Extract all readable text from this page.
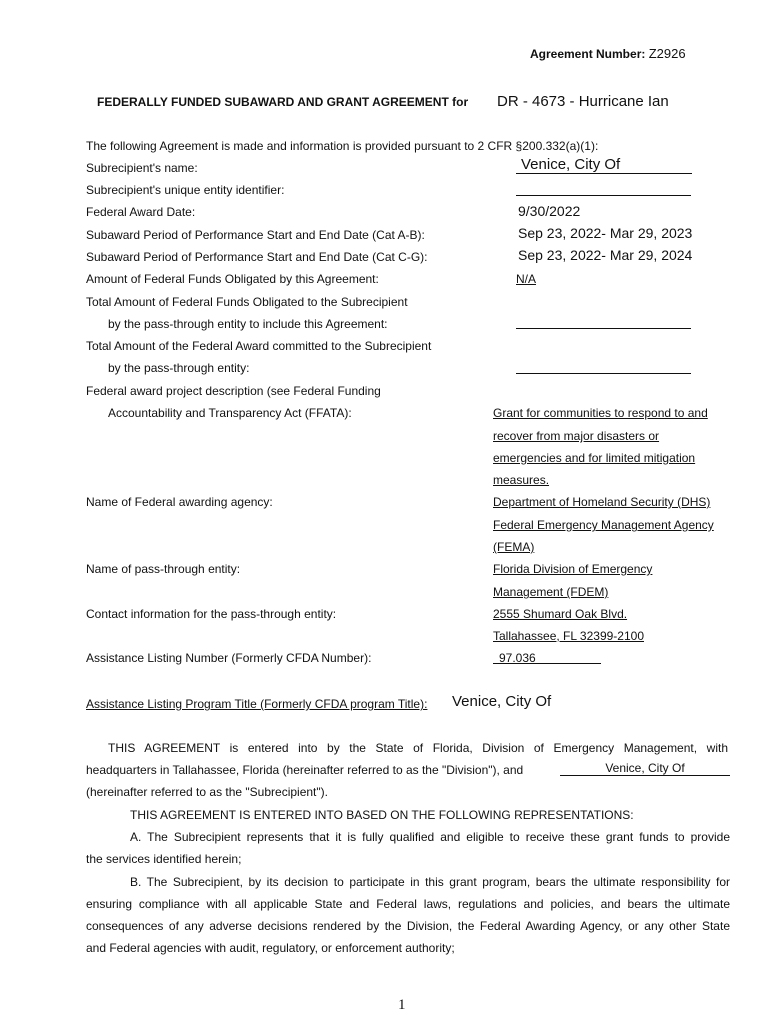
Agreement Number: Z2926
FEDERALLY FUNDED SUBAWARD AND GRANT AGREEMENT for DR - 4673 - Hurricane Ian
The following Agreement is made and information is provided pursuant to 2 CFR §200.332(a)(1):
Subrecipient's name:	Venice, City Of
Subrecipient's unique entity identifier:
Federal Award Date:	9/30/2022
Subaward Period of Performance Start and End Date (Cat A-B):	Sep 23, 2022- Mar 29, 2023
Subaward Period of Performance Start and End Date (Cat C-G):	Sep 23, 2022- Mar 29, 2024
Amount of Federal Funds Obligated by this Agreement:	N/A
Total Amount of Federal Funds Obligated to the Subrecipient
by the pass-through entity to include this Agreement:
Total Amount of the Federal Award committed to the Subrecipient
by the pass-through entity:
Federal award project description (see Federal Funding
Accountability and Transparency Act (FFATA):	Grant for communities to respond to and
recover from major disasters or
emergencies and for limited mitigation
measures.
Name of Federal awarding agency:	Department of Homeland Security (DHS)
Federal Emergency Management Agency
(FEMA)
Name of pass-through entity:	Florida Division of Emergency
Management (FDEM)
Contact information for the pass-through entity:	2555 Shumard Oak Blvd.
Tallahassee, FL 32399-2100
Assistance Listing Number (Formerly CFDA Number):	97.036
Assistance Listing Program Title (Formerly CFDA program Title): Venice, City Of
THIS AGREEMENT is entered into by the State of Florida, Division of Emergency Management, with
headquarters in Tallahassee, Florida (hereinafter referred to as the "Division"), and	Venice, City Of
(hereinafter referred to as the "Subrecipient").
THIS AGREEMENT IS ENTERED INTO BASED ON THE FOLLOWING REPRESENTATIONS:
A. The Subrecipient represents that it is fully qualified and eligible to receive these grant funds to provide
the services identified herein;
B. The Subrecipient, by its decision to participate in this grant program, bears the ultimate responsibility for
ensuring compliance with all applicable State and Federal laws, regulations and policies, and bears the ultimate
consequences of any adverse decisions rendered by the Division, the Federal Awarding Agency, or any other State
and Federal agencies with audit, regulatory, or enforcement authority;
1
